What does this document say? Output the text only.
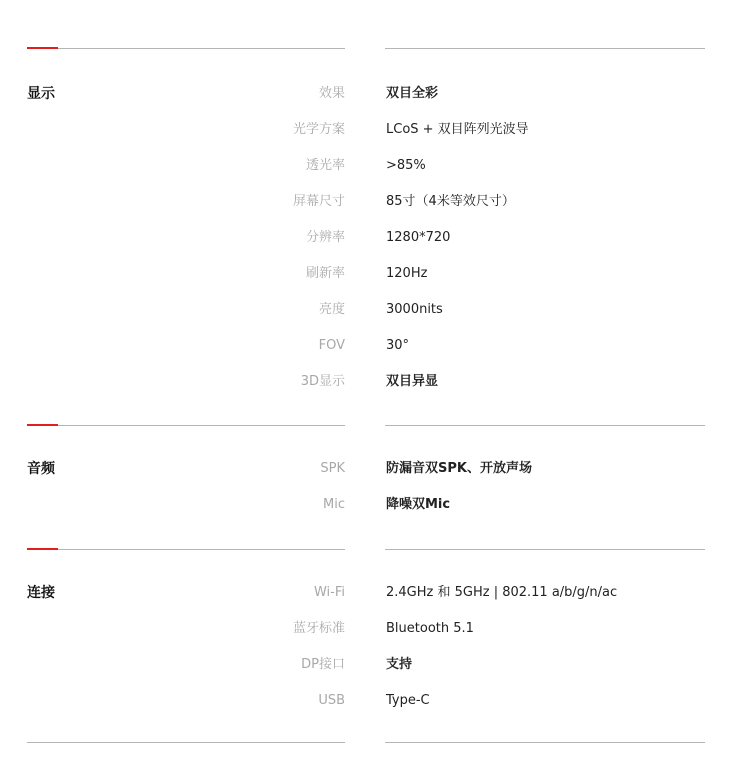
显示	效果	双目全彩
光学方案	LCoS + 双目阵列光波导
透光率	>85%
屏幕尺寸	85寸（4米等效尺寸）
分辨率	1280*720
刷新率	120Hz
亮度	3000nits
FOV	30°
3D显示	双目异显
音频	SPK	防漏音双SPK、开放声场
Mic	降噪双Mic
连接	Wi-Fi	2.4GHz 和 5GHz | 802.11 a/b/g/n/ac
蓝牙标准	Bluetooth 5.1
DP接口	支持
USB	Type-C
